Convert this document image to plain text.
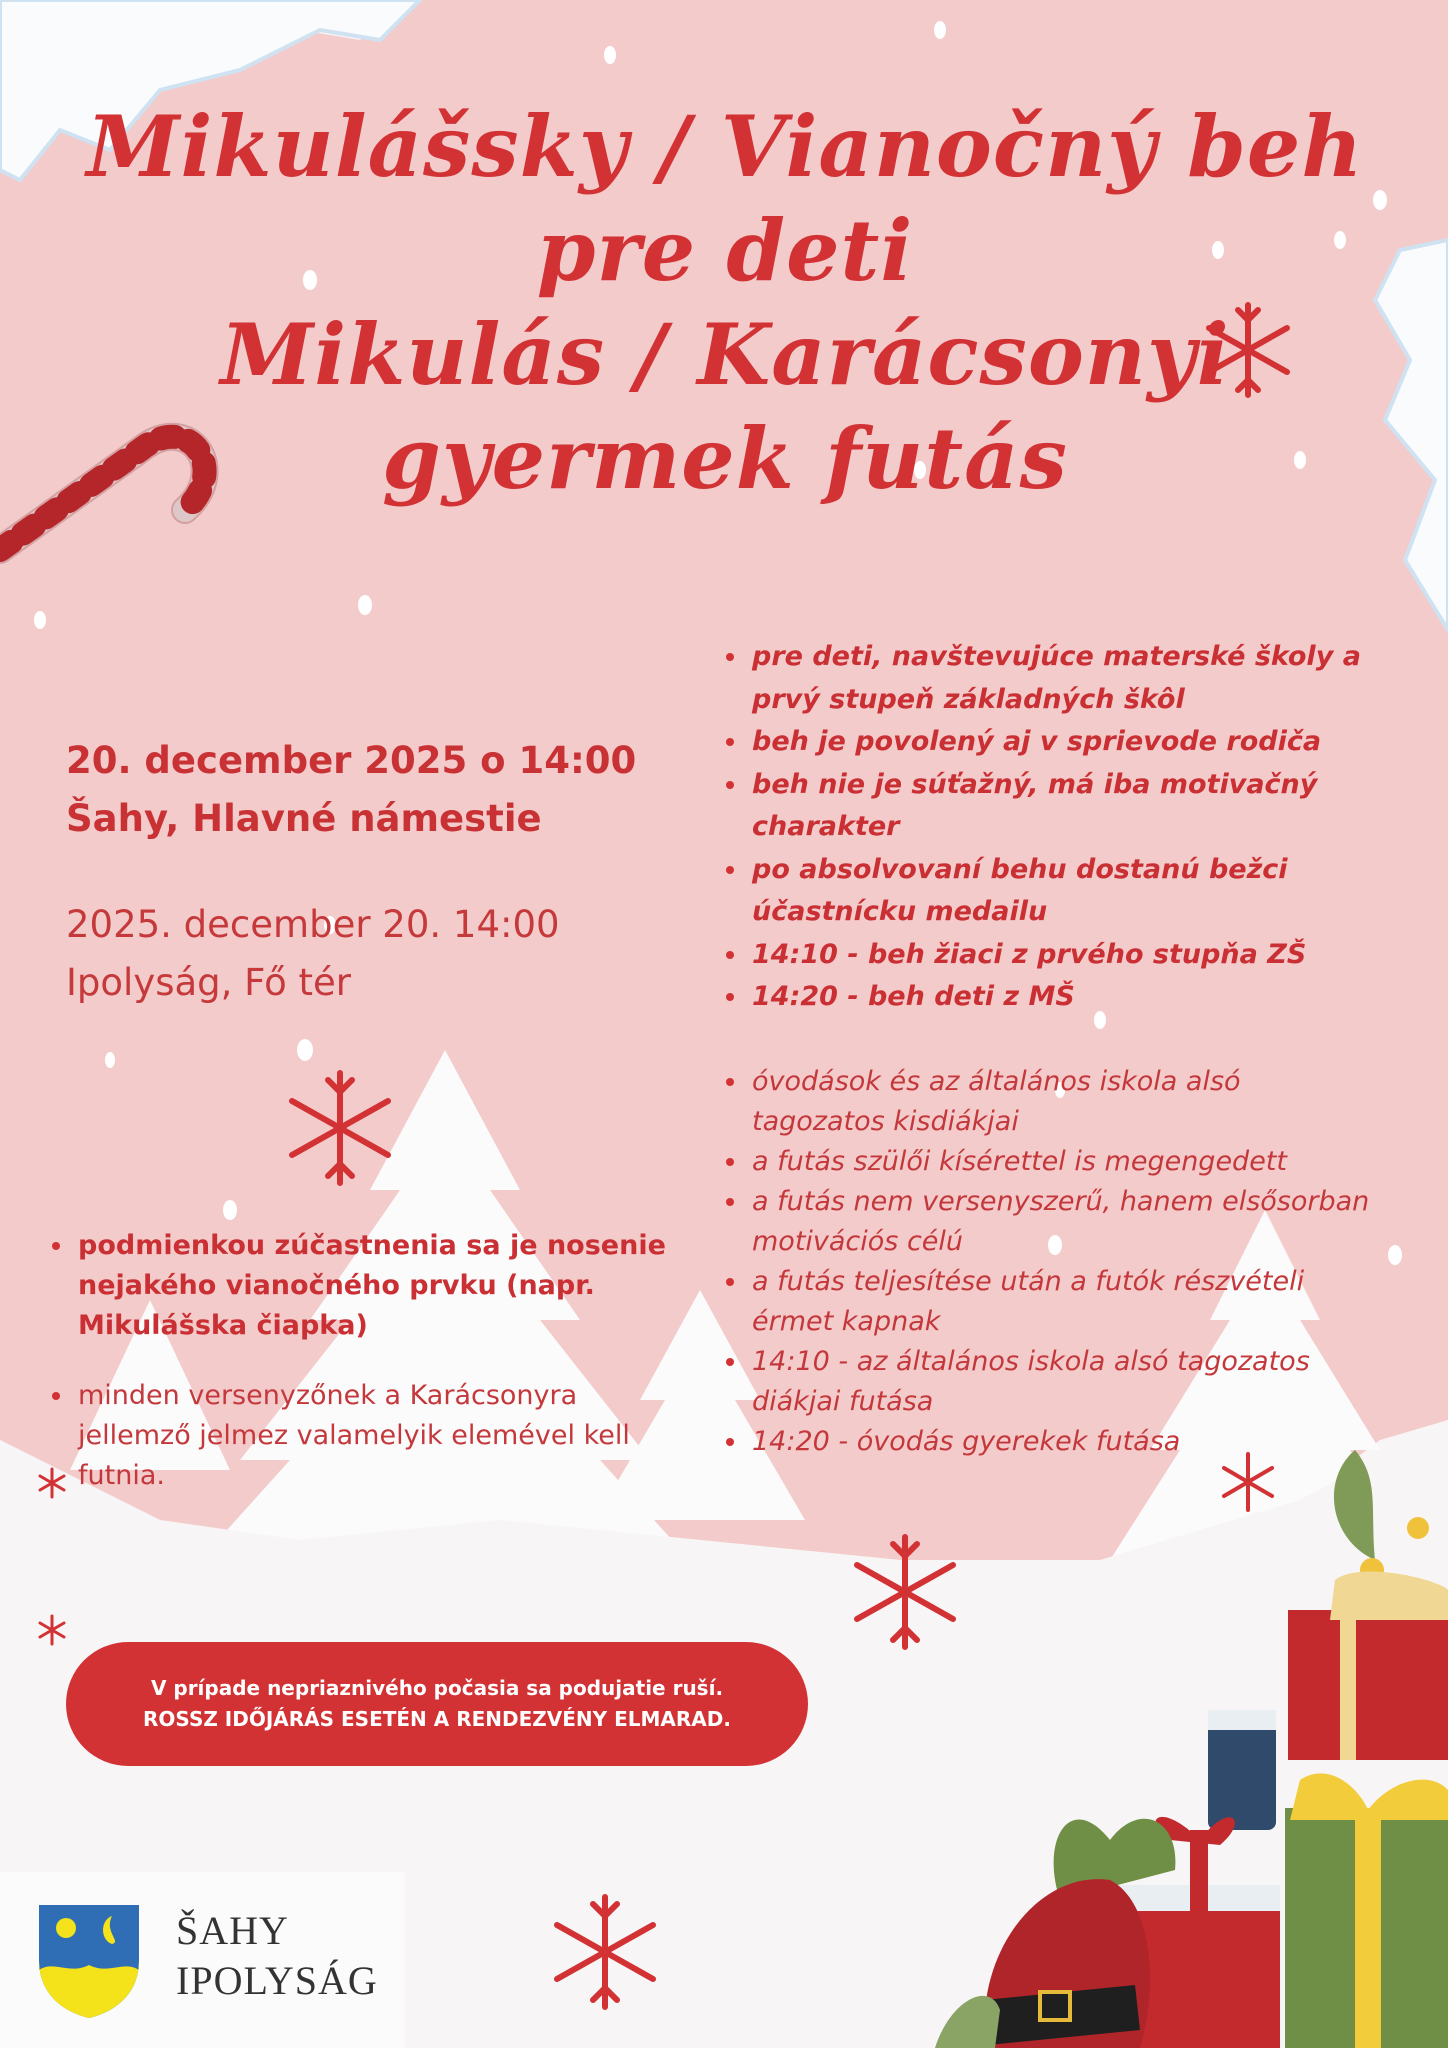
Mikulášsky / Vianočný beh
pre deti
Mikulás / Karácsonyi
gyermek futás
20. december 2025 o 14:00
Šahy, Hlavné námestie
2025. december 20. 14:00
Ipolyság, Fő tér
pre deti, navštevujúce materské školy a prvý stupeň základných škôl
beh je povolený aj v sprievode rodiča
beh nie je súťažný, má iba motivačný charakter
po absolvovaní behu dostanú bežci účastnícku medailu
14:10 - beh žiaci z prvého stupňa ZŠ
14:20 - beh deti z MŠ
óvodások és az általános iskola alsó tagozatos kisdiákjai
a futás szülői kísérettel is megengedett
a futás nem versenyszerű, hanem elsősorban motivációs célú
a futás teljesítése után a futók részvételi érmet kapnak
14:10 - az általános iskola alsó tagozatos diákjai futása
14:20 - óvodás gyerekek futása
podmienkou zúčastnenia sa je nosenie nejakého vianočného prvku (napr. Mikulášska čiapka)
minden versenyzőnek a Karácsonyra jellemző jelmez valamelyik elemével kell futnia.
V prípade nepriaznivého počasia sa podujatie ruší.
ROSSZ IDŐJÁRÁS ESETÉN A RENDEZVÉNY ELMARAD.
ŠAHY
IPOLYSÁG
